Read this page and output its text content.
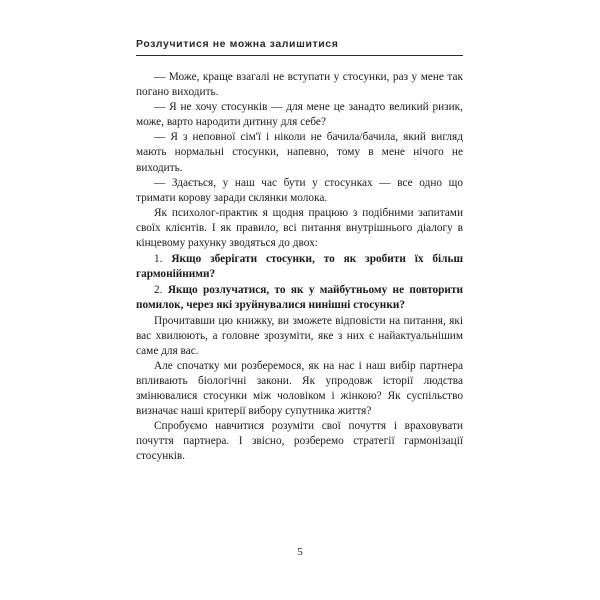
Розлучитися не можна залишитися

— Може, краще взагалі не вступати у стосунки, раз у мене так погано виходить.

— Я не хочу стосунків — для мене це занадто великий ризик, може, варто народити дитину для себе?

— Я з неповної сім'ї і ніколи не бачила/бачила, який вигляд мають нормальні стосунки, напевно, тому в мене нічого не виходить.

— Здається, у наш час бути у стосунках — все одно що тримати корову заради склянки молока.

Як психолог-практик я щодня працюю з подібними запитами своїх клієнтів. І як правило, всі питання внутрішнього діалогу в кінцевому рахунку зводяться до двох:

1. Якщо зберігати стосунки, то як зробити їх більш гармонійними?

2. Якщо розлучатися, то як у майбутньому не повторити помилок, через які зруйнувалися нинішні стосунки?

Прочитавши цю книжку, ви зможете відповісти на питання, які вас хвилюють, а головне зрозуміти, яке з них є найактуальнішим саме для вас.

Але спочатку ми розберемося, як на нас і наш вибір партнера впливають біологічні закони. Як упродовж історії людства змінювалися стосунки між чоловіком і жінкою? Як суспільство визначає наші критерії вибору супутника життя?

Спробуємо навчитися розуміти свої почуття і враховувати почуття партнера. І звісно, розберемо стратегії гармонізації стосунків.

5
